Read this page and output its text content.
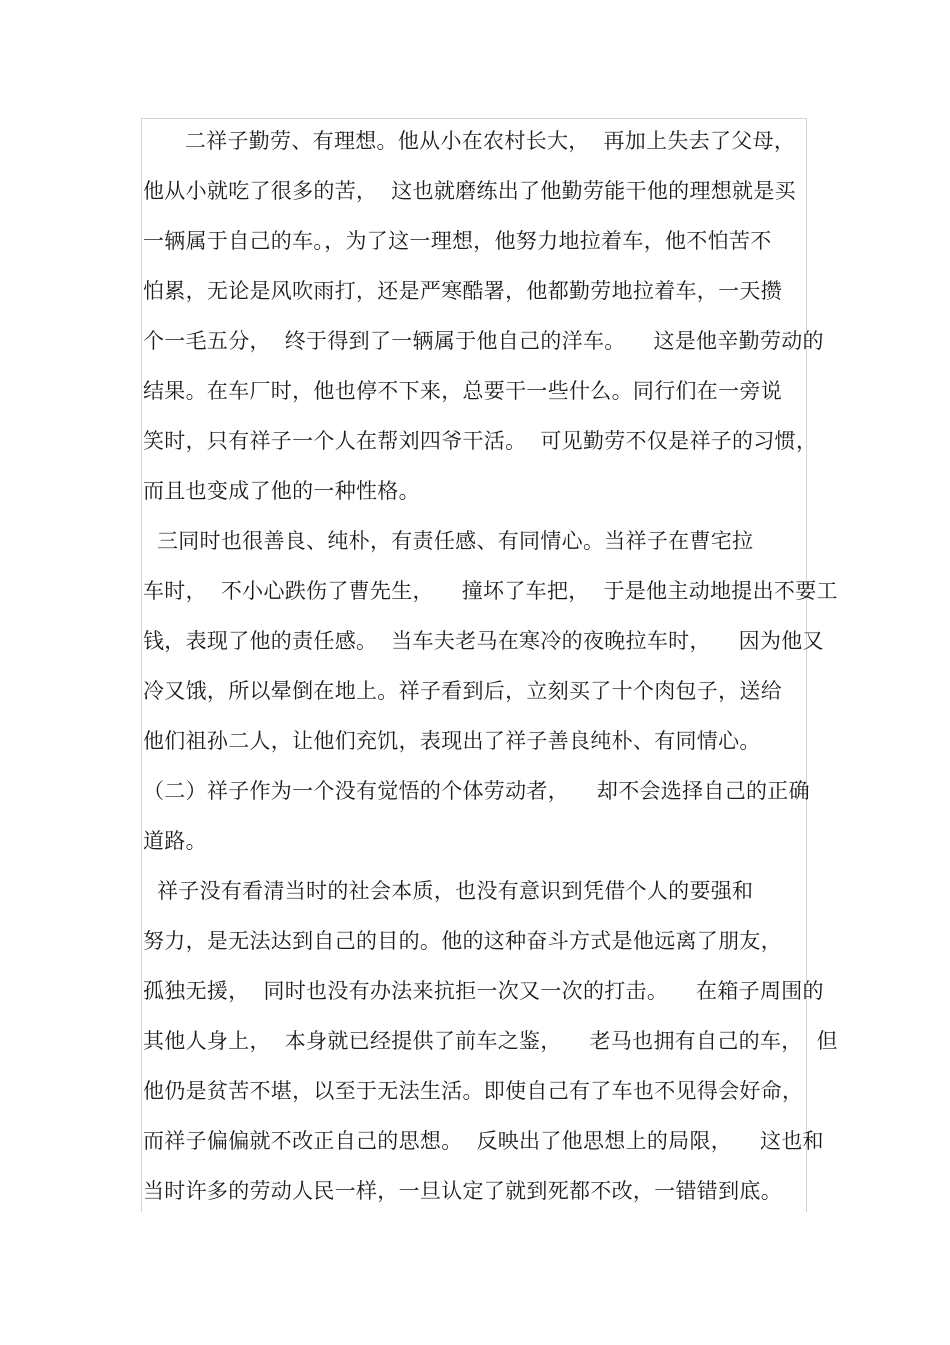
二祥子勤劳、有理想。他从小在农村长大，  再加上失去了父母，
他从小就吃了很多的苦，  这也就磨练出了他勤劳能干他的理想就是买
一辆属于自己的车。，为了这一理想，他努力地拉着车，他不怕苦不
怕累，无论是风吹雨打，还是严寒酷署，他都勤劳地拉着车，一天攒
个一毛五分，  终于得到了一辆属于他自己的洋车。    这是他辛勤劳动的
结果。在车厂时，他也停不下来，总要干一些什么。同行们在一旁说
笑时，只有祥子一个人在帮刘四爷干活。  可见勤劳不仅是祥子的习惯，
而且也变成了他的一种性格。
三同时也很善良、纯朴，有责任感、有同情心。当祥子在曹宅拉
车时，  不小心跌伤了曹先生，    撞坏了车把，  于是他主动地提出不要工
钱，表现了他的责任感。  当车夫老马在寒冷的夜晚拉车时，    因为他又
冷又饿，所以晕倒在地上。祥子看到后，立刻买了十个肉包子，送给
他们祖孙二人，让他们充饥，表现出了祥子善良纯朴、有同情心。
（二）祥子作为一个没有觉悟的个体劳动者，    却不会选择自己的正确
道路。
祥子没有看清当时的社会本质，也没有意识到凭借个人的要强和
努力，是无法达到自己的目的。他的这种奋斗方式是他远离了朋友，
孤独无援，  同时也没有办法来抗拒一次又一次的打击。    在箱子周围的
其他人身上，  本身就已经提供了前车之鉴，    老马也拥有自己的车，  但
他仍是贫苦不堪，以至于无法生活。即使自己有了车也不见得会好命，
而祥子偏偏就不改正自己的思想。  反映出了他思想上的局限，    这也和
当时许多的劳动人民一样，一旦认定了就到死都不改，一错错到底。
